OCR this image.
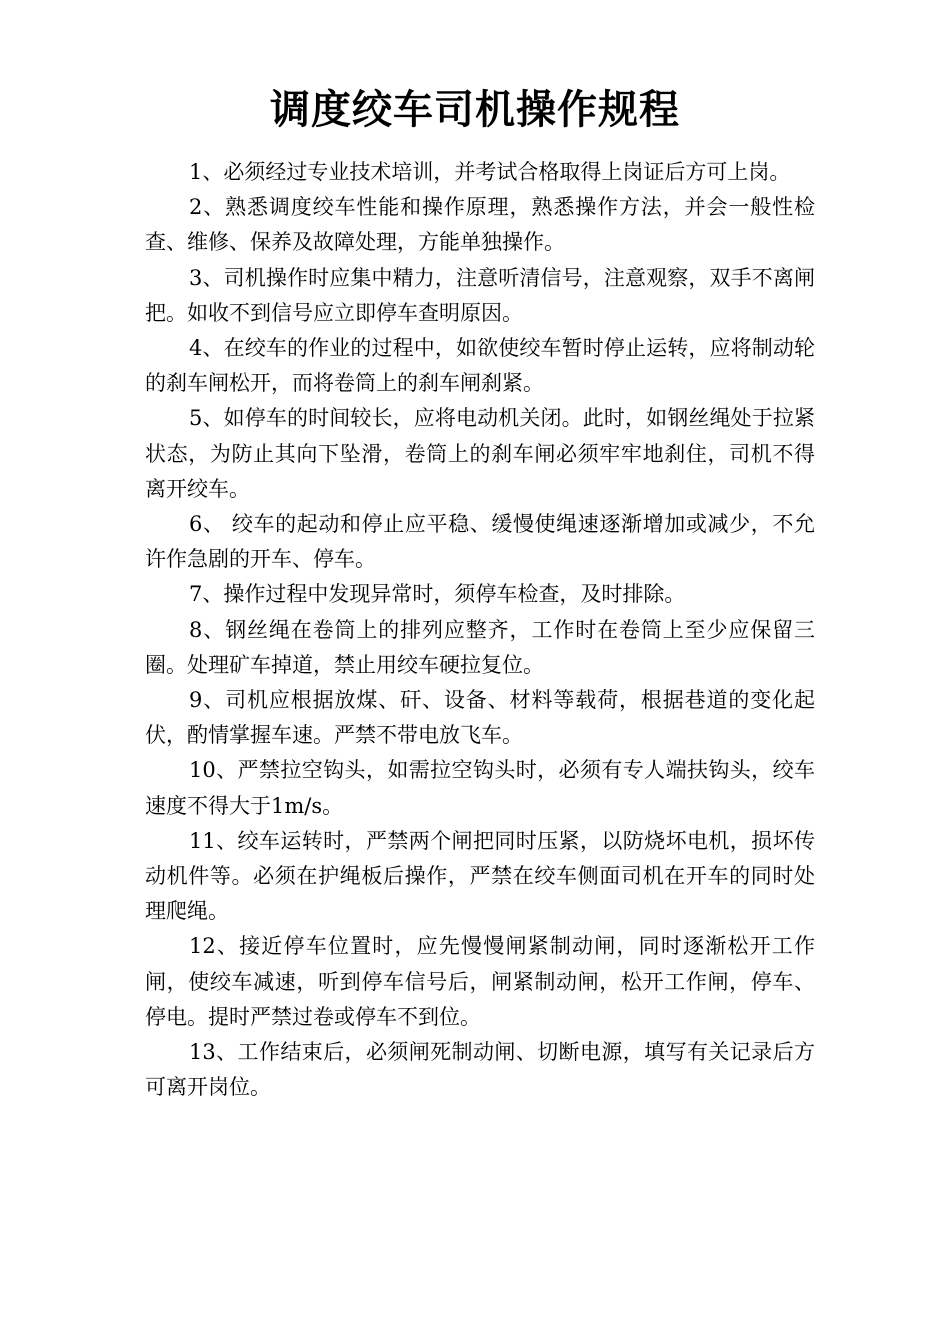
调度绞车司机操作规程

1、必须经过专业技术培训，并考试合格取得上岗证后方可上岗。

2、熟悉调度绞车性能和操作原理，熟悉操作方法，并会一般性检查、维修、保养及故障处理，方能单独操作。

3、司机操作时应集中精力，注意听清信号，注意观察，双手不离闸把。如收不到信号应立即停车查明原因。

4、在绞车的作业的过程中，如欲使绞车暂时停止运转，应将制动轮的刹车闸松开，而将卷筒上的刹车闸刹紧。

5、如停车的时间较长，应将电动机关闭。此时，如钢丝绳处于拉紧状态，为防止其向下坠滑，卷筒上的刹车闸必须牢牢地刹住，司机不得离开绞车。

6、 绞车的起动和停止应平稳、缓慢使绳速逐渐增加或减少，不允许作急剧的开车、停车。

7、操作过程中发现异常时，须停车检查，及时排除。

8、钢丝绳在卷筒上的排列应整齐，工作时在卷筒上至少应保留三圈。处理矿车掉道，禁止用绞车硬拉复位。

9、司机应根据放煤、矸、设备、材料等载荷，根据巷道的变化起伏，酌情掌握车速。严禁不带电放飞车。

10、严禁拉空钩头，如需拉空钩头时，必须有专人端扶钩头，绞车速度不得大于1m/s。

11、绞车运转时，严禁两个闸把同时压紧，以防烧坏电机，损坏传动机件等。必须在护绳板后操作，严禁在绞车侧面司机在开车的同时处理爬绳。

12、接近停车位置时，应先慢慢闸紧制动闸，同时逐渐松开工作闸，使绞车减速，听到停车信号后，闸紧制动闸，松开工作闸，停车、停电。提时严禁过卷或停车不到位。

13、工作结束后，必须闸死制动闸、切断电源，填写有关记录后方可离开岗位。
